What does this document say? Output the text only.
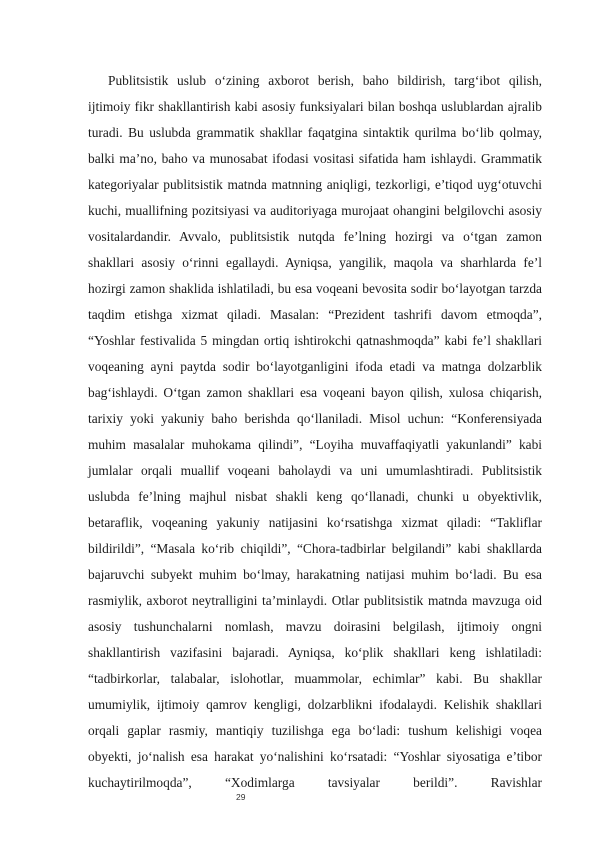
Publitsistik uslub o‘zining axborot berish, baho bildirish, targ‘ibot qilish, ijtimoiy fikr shakllantirish kabi asosiy funksiyalari bilan boshqa uslublardan ajralib turadi. Bu uslubda grammatik shakllar faqatgina sintaktik qurilma bo‘lib qolmay, balki ma’no, baho va munosabat ifodasi vositasi sifatida ham ishlaydi. Grammatik kategoriyalar publitsistik matnda matnning aniqligi, tezkorligi, e’tiqod uyg‘otuvchi kuchi, muallifning pozitsiyasi va auditoriyaga murojaat ohangini belgilovchi asosiy vositalardandir. Avvalo, publitsistik nutqda fe’lning hozirgi va o‘tgan zamon shakllari asosiy o‘rinni egallaydi. Ayniqsa, yangilik, maqola va sharhlarda fe’l hozirgi zamon shaklida ishlatiladi, bu esa voqeani bevosita sodir bo‘layotgan tarzda taqdim etishga xizmat qiladi. Masalan: “Prezident tashrifi davom etmoqda”, “Yoshlar festivalida 5 mingdan ortiq ishtirokchi qatnashmoqda” kabi fe’l shakllari voqeaning ayni paytda sodir bo‘layotganligini ifoda etadi va matnga dolzarblik bag‘ishlaydi. O‘tgan zamon shakllari esa voqeani bayon qilish, xulosa chiqarish, tarixiy yoki yakuniy baho berishda qo‘llaniladi. Misol uchun: “Konferensiyada muhim masalalar muhokama qilindi”, “Loyiha muvaffaqiyatli yakunlandi” kabi jumlalar orqali muallif voqeani baholaydi va uni umumlashtiradi. Publitsistik uslubda fe’lning majhul nisbat shakli keng qo‘llanadi, chunki u obyektivlik, betaraflik, voqeaning yakuniy natijasini ko‘rsatishga xizmat qiladi: “Takliflar bildirildi”, “Masala ko‘rib chiqildi”, “Chora-tadbirlar belgilandi” kabi shakllarda bajaruvchi subyekt muhim bo‘lmay, harakatning natijasi muhim bo‘ladi. Bu esa rasmiylik, axborot neytralligini ta’minlaydi. Otlar publitsistik matnda mavzuga oid asosiy tushunchalarni nomlash, mavzu doirasini belgilash, ijtimoiy ongni shakllantirish vazifasini bajaradi. Ayniqsa, ko‘plik shakllari keng ishlatiladi: “tadbirkorlar, talabalar, islohotlar, muammolar, echimlar” kabi. Bu shakllar umumiylik, ijtimoiy qamrov kengligi, dolzarblikni ifodalaydi. Kelishik shakllari orqali gaplar rasmiy, mantiqiy tuzilishga ega bo‘ladi: tushum kelishigi voqea obyekti, jo‘nalish esa harakat yo‘nalishini ko‘rsatadi: “Yoshlar siyosatiga e’tibor kuchaytirilmoqda”, “Xodimlarga tavsiyalar berildi”. Ravishlar

29
